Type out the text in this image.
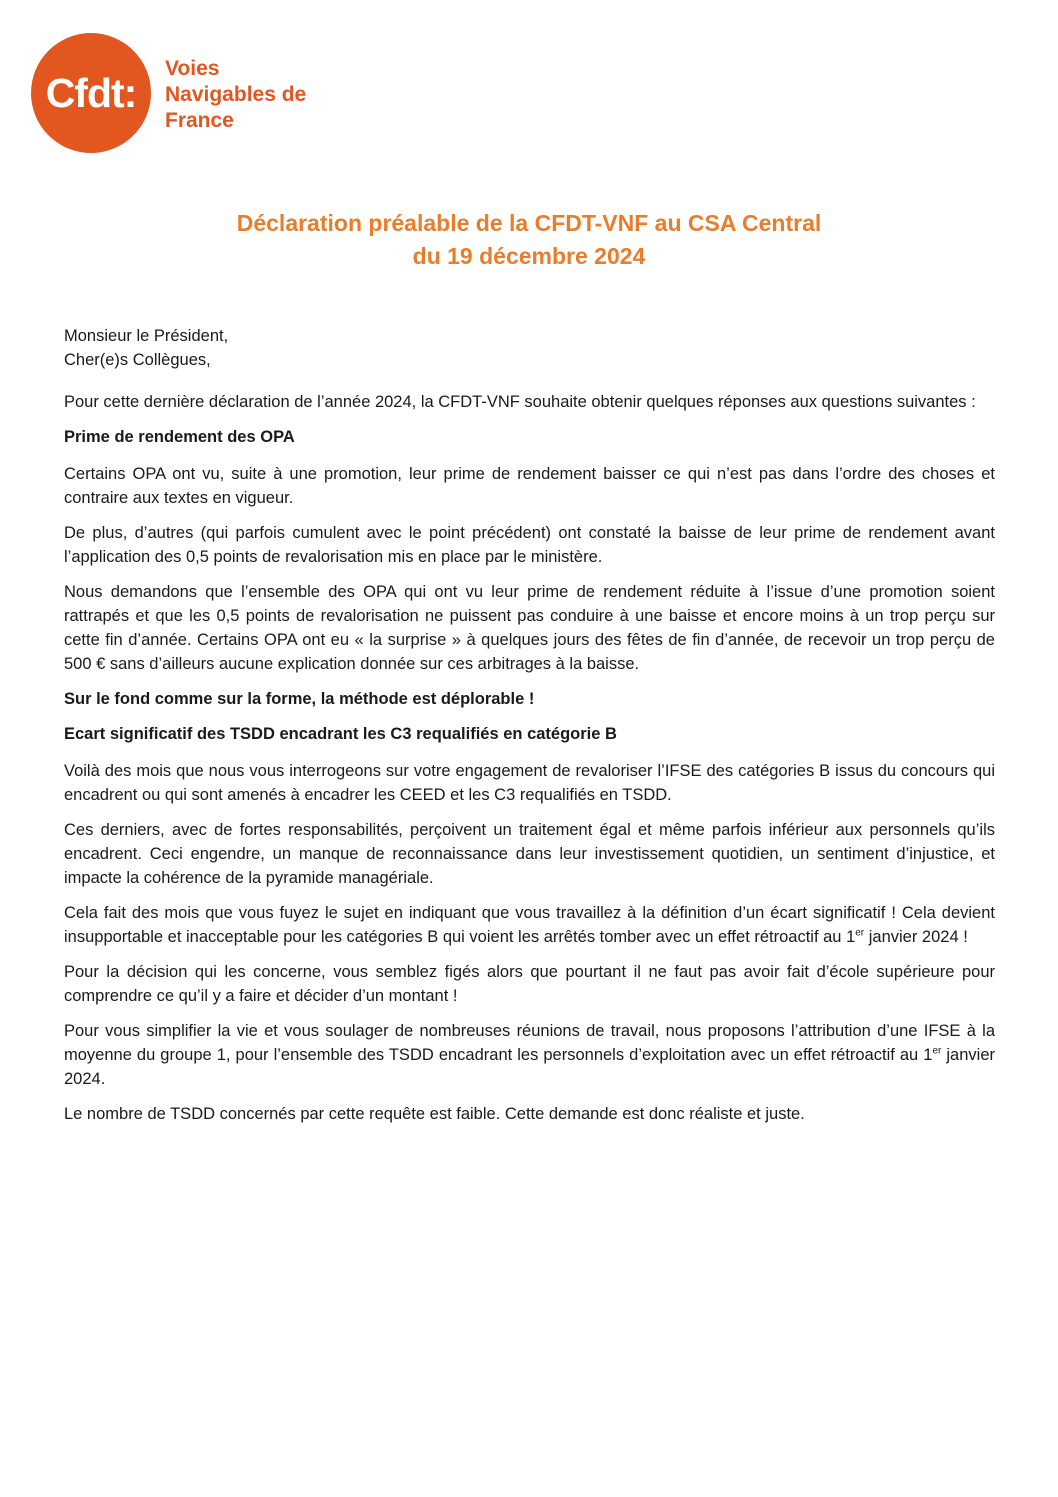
Cfdt:
Voies
Navigables de
France
Déclaration préalable de la CFDT-VNF au CSA Central
du 19 décembre 2024

Monsieur le Président,

Cher(e)s Collègues,

Pour cette dernière déclaration de l’année 2024, la CFDT-VNF souhaite obtenir quelques réponses aux questions suivantes :

Prime de rendement des OPA

Certains OPA ont vu, suite à une promotion, leur prime de rendement baisser ce qui n’est pas dans l’ordre des choses et contraire aux textes en vigueur.

De plus, d’autres (qui parfois cumulent avec le point précédent) ont constaté la baisse de leur prime de rendement avant l’application des 0,5 points de revalorisation mis en place par le ministère.

Nous demandons que l’ensemble des OPA qui ont vu leur prime de rendement réduite à l’issue d’une promotion soient rattrapés et que les 0,5 points de revalorisation ne puissent pas conduire à une baisse et encore moins à un trop perçu sur cette fin d’année. Certains OPA ont eu « la surprise » à quelques jours des fêtes de fin d’année, de recevoir un trop perçu de 500 € sans d’ailleurs aucune explication donnée sur ces arbitrages à la baisse.

Sur le fond comme sur la forme, la méthode est déplorable !

Ecart significatif des TSDD encadrant les C3 requalifiés en catégorie B

Voilà des mois que nous vous interrogeons sur votre engagement de revaloriser l’IFSE des catégories B issus du concours qui encadrent ou qui sont amenés à encadrer les CEED et les C3 requalifiés en TSDD.

Ces derniers, avec de fortes responsabilités, perçoivent un traitement égal et même parfois inférieur aux personnels qu’ils encadrent. Ceci engendre, un manque de reconnaissance dans leur investissement quotidien, un sentiment d’injustice, et impacte la cohérence de la pyramide managériale.

Cela fait des mois que vous fuyez le sujet en indiquant que vous travaillez à la définition d’un écart significatif ! Cela devient insupportable et inacceptable pour les catégories B qui voient les arrêtés tomber avec un effet rétroactif au 1er janvier 2024 !

Pour la décision qui les concerne, vous semblez figés alors que pourtant il ne faut pas avoir fait d’école supérieure pour comprendre ce qu’il y a faire et décider d’un montant !

Pour vous simplifier la vie et vous soulager de nombreuses réunions de travail, nous proposons l’attribution d’une IFSE à la moyenne du groupe 1, pour l’ensemble des TSDD encadrant les personnels d’exploitation avec un effet rétroactif au 1er janvier 2024.

Le nombre de TSDD concernés par cette requête est faible. Cette demande est donc réaliste et juste.
